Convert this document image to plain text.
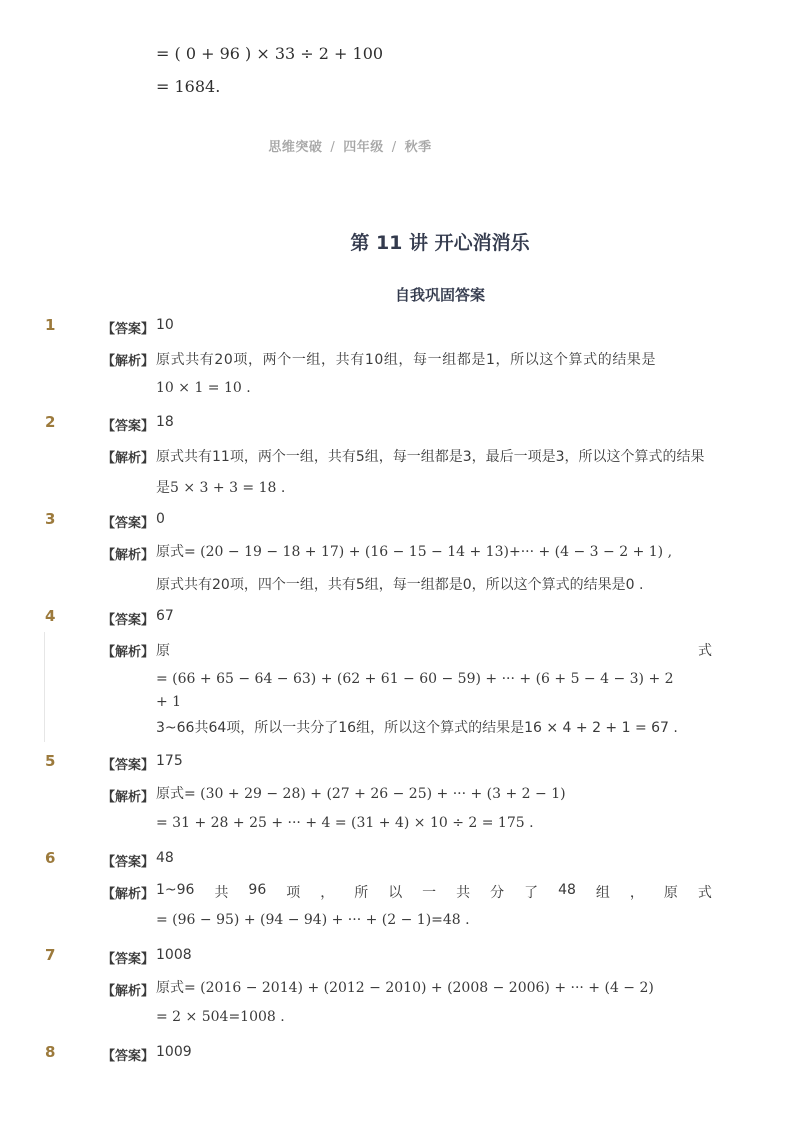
= ( 0 + 96 ) × 33 ÷ 2 + 100
= 1684.
思维突破 / 四年级 / 秋季
第 11 讲 开心消消乐
自我巩固答案
1	【答案】 10
【解析】 原式共有20项，两个一组，共有10组，每一组都是1，所以这个算式的结果是
10 × 1 = 10 .
2	【答案】 18
【解析】 原式共有11项，两个一组，共有5组，每一组都是3，最后一项是3，所以这个算式的结果
是5 × 3 + 3 = 18 .
3	【答案】 0
【解析】 原式= (20 − 19 − 18 + 17) + (16 − 15 − 14 + 13)+··· + (4 − 3 − 2 + 1) ,
原式共有20项，四个一组，共有5组，每一组都是0，所以这个算式的结果是0 .
4	【答案】 67
【解析】 原	式
= (66 + 65 − 64 − 63) + (62 + 61 − 60 − 59) + ··· + (6 + 5 − 4 − 3) + 2
+ 1
3~66共64项，所以一共分了16组，所以这个算式的结果是16 × 4 + 2 + 1 = 67 .
5	【答案】 175
【解析】 原式= (30 + 29 − 28) + (27 + 26 − 25) + ··· + (3 + 2 − 1)
= 31 + 28 + 25 + ··· + 4 = (31 + 4) × 10 ÷ 2 = 175 .
6	【答案】 48
【解析】 1~96 共 96 项 ， 所 以 一 共 分 了 48 组 ， 原 式
= (96 − 95) + (94 − 94) + ··· + (2 − 1)=48 .
7	【答案】 1008
【解析】 原式= (2016 − 2014) + (2012 − 2010) + (2008 − 2006) + ··· + (4 − 2)
= 2 × 504=1008 .
8	【答案】 1009
